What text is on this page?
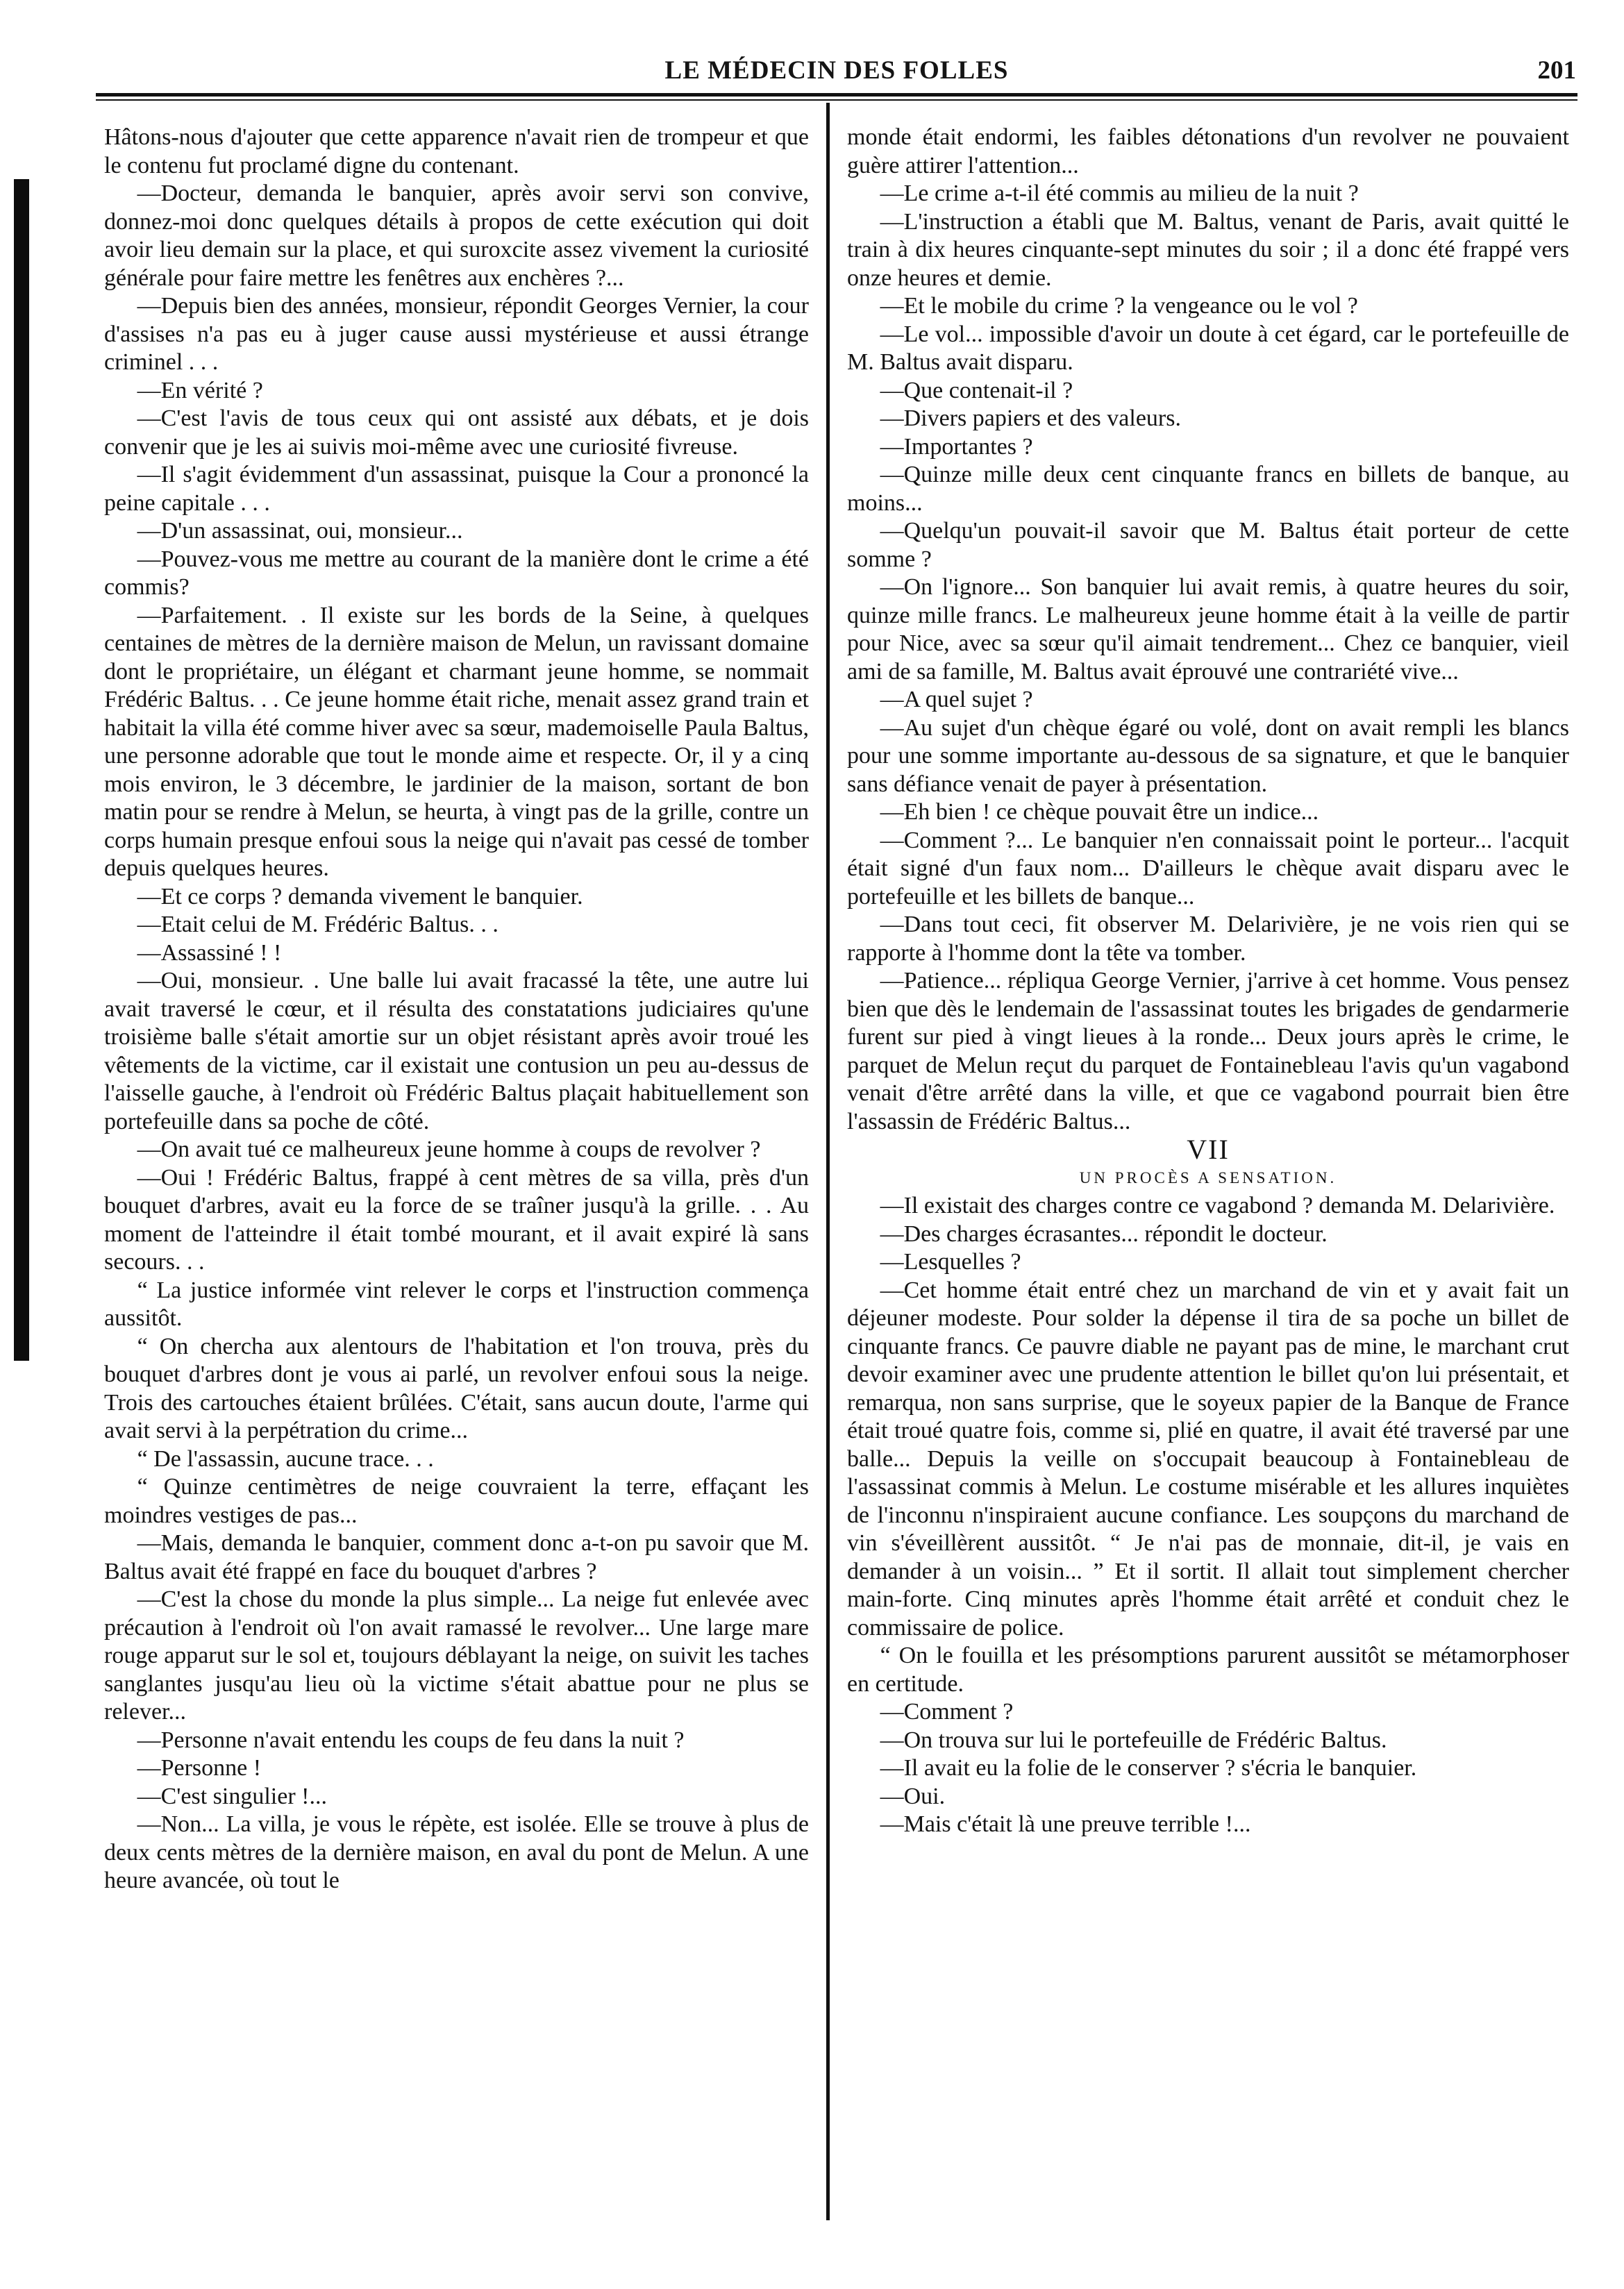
LE MÉDECIN DES FOLLES	201

Hâtons-nous d'ajouter que cette apparence n'avait rien de trompeur et que le contenu fut proclamé digne du contenant.

—Docteur, demanda le banquier, après avoir servi son convive, donnez-moi donc quelques détails à propos de cette exécution qui doit avoir lieu demain sur la place, et qui suroxcite assez vivement la curiosité générale pour faire mettre les fenêtres aux enchères ?...

—Depuis bien des années, monsieur, répondit Georges Vernier, la cour d'assises n'a pas eu à juger cause aussi mystérieuse et aussi étrange criminel . . .

—En vérité ?

—C'est l'avis de tous ceux qui ont assisté aux débats, et je dois convenir que je les ai suivis moi-même avec une curiosité fivreuse.

—Il s'agit évidemment d'un assassinat, puisque la Cour a prononcé la peine capitale . . .

—D'un assassinat, oui, monsieur...

—Pouvez-vous me mettre au courant de la manière dont le crime a été commis?

—Parfaitement. . Il existe sur les bords de la Seine, à quelques centaines de mètres de la dernière maison de Melun, un ravissant domaine dont le propriétaire, un élégant et charmant jeune homme, se nommait Frédéric Baltus. . . Ce jeune homme était riche, menait assez grand train et habitait la villa été comme hiver avec sa sœur, mademoiselle Paula Baltus, une personne adorable que tout le monde aime et respecte. Or, il y a cinq mois environ, le 3 décembre, le jardinier de la maison, sortant de bon matin pour se rendre à Melun, se heurta, à vingt pas de la grille, contre un corps humain presque enfoui sous la neige qui n'avait pas cessé de tomber depuis quelques heures.

—Et ce corps ? demanda vivement le banquier.

—Etait celui de M. Frédéric Baltus. . .

—Assassiné ! !

—Oui, monsieur. . Une balle lui avait fracassé la tête, une autre lui avait traversé le cœur, et il résulta des constatations judiciaires qu'une troisième balle s'était amortie sur un objet résistant après avoir troué les vêtements de la victime, car il existait une contusion un peu au-dessus de l'aisselle gauche, à l'endroit où Frédéric Baltus plaçait habituellement son portefeuille dans sa poche de côté.

—On avait tué ce malheureux jeune homme à coups de revolver ?

—Oui ! Frédéric Baltus, frappé à cent mètres de sa villa, près d'un bouquet d'arbres, avait eu la force de se traîner jusqu'à la grille. . . Au moment de l'atteindre il était tombé mourant, et il avait expiré là sans secours. . .

“ La justice informée vint relever le corps et l'instruction commença aussitôt.

“ On chercha aux alentours de l'habitation et l'on trouva, près du bouquet d'arbres dont je vous ai parlé, un revolver enfoui sous la neige. Trois des cartouches étaient brûlées. C'était, sans aucun doute, l'arme qui avait servi à la perpétration du crime...

“ De l'assassin, aucune trace. . .

“ Quinze centimètres de neige couvraient la terre, effaçant les moindres vestiges de pas...

—Mais, demanda le banquier, comment donc a-t-on pu savoir que M. Baltus avait été frappé en face du bouquet d'arbres ?

—C'est la chose du monde la plus simple... La neige fut enlevée avec précaution à l'endroit où l'on avait ramassé le revolver... Une large mare rouge apparut sur le sol et, toujours déblayant la neige, on suivit les taches sanglantes jusqu'au lieu où la victime s'était abattue pour ne plus se relever...

—Personne n'avait entendu les coups de feu dans la nuit ?

—Personne !

—C'est singulier !...

—Non... La villa, je vous le répète, est isolée. Elle se trouve à plus de deux cents mètres de la dernière maison, en aval du pont de Melun. A une heure avancée, où tout le

monde était endormi, les faibles détonations d'un revolver ne pouvaient guère attirer l'attention...

—Le crime a-t-il été commis au milieu de la nuit ?

—L'instruction a établi que M. Baltus, venant de Paris, avait quitté le train à dix heures cinquante-sept minutes du soir ; il a donc été frappé vers onze heures et demie.

—Et le mobile du crime ? la vengeance ou le vol ?

—Le vol... impossible d'avoir un doute à cet égard, car le portefeuille de M. Baltus avait disparu.

—Que contenait-il ?

—Divers papiers et des valeurs.

—Importantes ?

—Quinze mille deux cent cinquante francs en billets de banque, au moins...

—Quelqu'un pouvait-il savoir que M. Baltus était porteur de cette somme ?

—On l'ignore... Son banquier lui avait remis, à quatre heures du soir, quinze mille francs. Le malheureux jeune homme était à la veille de partir pour Nice, avec sa sœur qu'il aimait tendrement... Chez ce banquier, vieil ami de sa famille, M. Baltus avait éprouvé une contrariété vive...

—A quel sujet ?

—Au sujet d'un chèque égaré ou volé, dont on avait rempli les blancs pour une somme importante au-dessous de sa signature, et que le banquier sans défiance venait de payer à présentation.

—Eh bien ! ce chèque pouvait être un indice...

—Comment ?... Le banquier n'en connaissait point le porteur... l'acquit était signé d'un faux nom... D'ailleurs le chèque avait disparu avec le portefeuille et les billets de banque...

—Dans tout ceci, fit observer M. Delarivière, je ne vois rien qui se rapporte à l'homme dont la tête va tomber.

—Patience... répliqua George Vernier, j'arrive à cet homme. Vous pensez bien que dès le lendemain de l'assassinat toutes les brigades de gendarmerie furent sur pied à vingt lieues à la ronde... Deux jours après le crime, le parquet de Melun reçut du parquet de Fontainebleau l'avis qu'un vagabond venait d'être arrêté dans la ville, et que ce vagabond pourrait bien être l'assassin de Frédéric Baltus...

VII

UN PROCÈS A SENSATION.

—Il existait des charges contre ce vagabond ? demanda M. Delarivière.

—Des charges écrasantes... répondit le docteur.

—Lesquelles ?

—Cet homme était entré chez un marchand de vin et y avait fait un déjeuner modeste. Pour solder la dépense il tira de sa poche un billet de cinquante francs. Ce pauvre diable ne payant pas de mine, le marchant crut devoir examiner avec une prudente attention le billet qu'on lui présentait, et remarqua, non sans surprise, que le soyeux papier de la Banque de France était troué quatre fois, comme si, plié en quatre, il avait été traversé par une balle... Depuis la veille on s'occupait beaucoup à Fontainebleau de l'assassinat commis à Melun. Le costume misérable et les allures inquiètes de l'inconnu n'inspiraient aucune confiance. Les soupçons du marchand de vin s'éveillèrent aussitôt. “ Je n'ai pas de monnaie, dit-il, je vais en demander à un voisin... ” Et il sortit. Il allait tout simplement chercher main-forte. Cinq minutes après l'homme était arrêté et conduit chez le commissaire de police.

“ On le fouilla et les présomptions parurent aussitôt se métamorphoser en certitude.

—Comment ?

—On trouva sur lui le portefeuille de Frédéric Baltus.

—Il avait eu la folie de le conserver ? s'écria le banquier.

—Oui.

—Mais c'était là une preuve terrible !...
